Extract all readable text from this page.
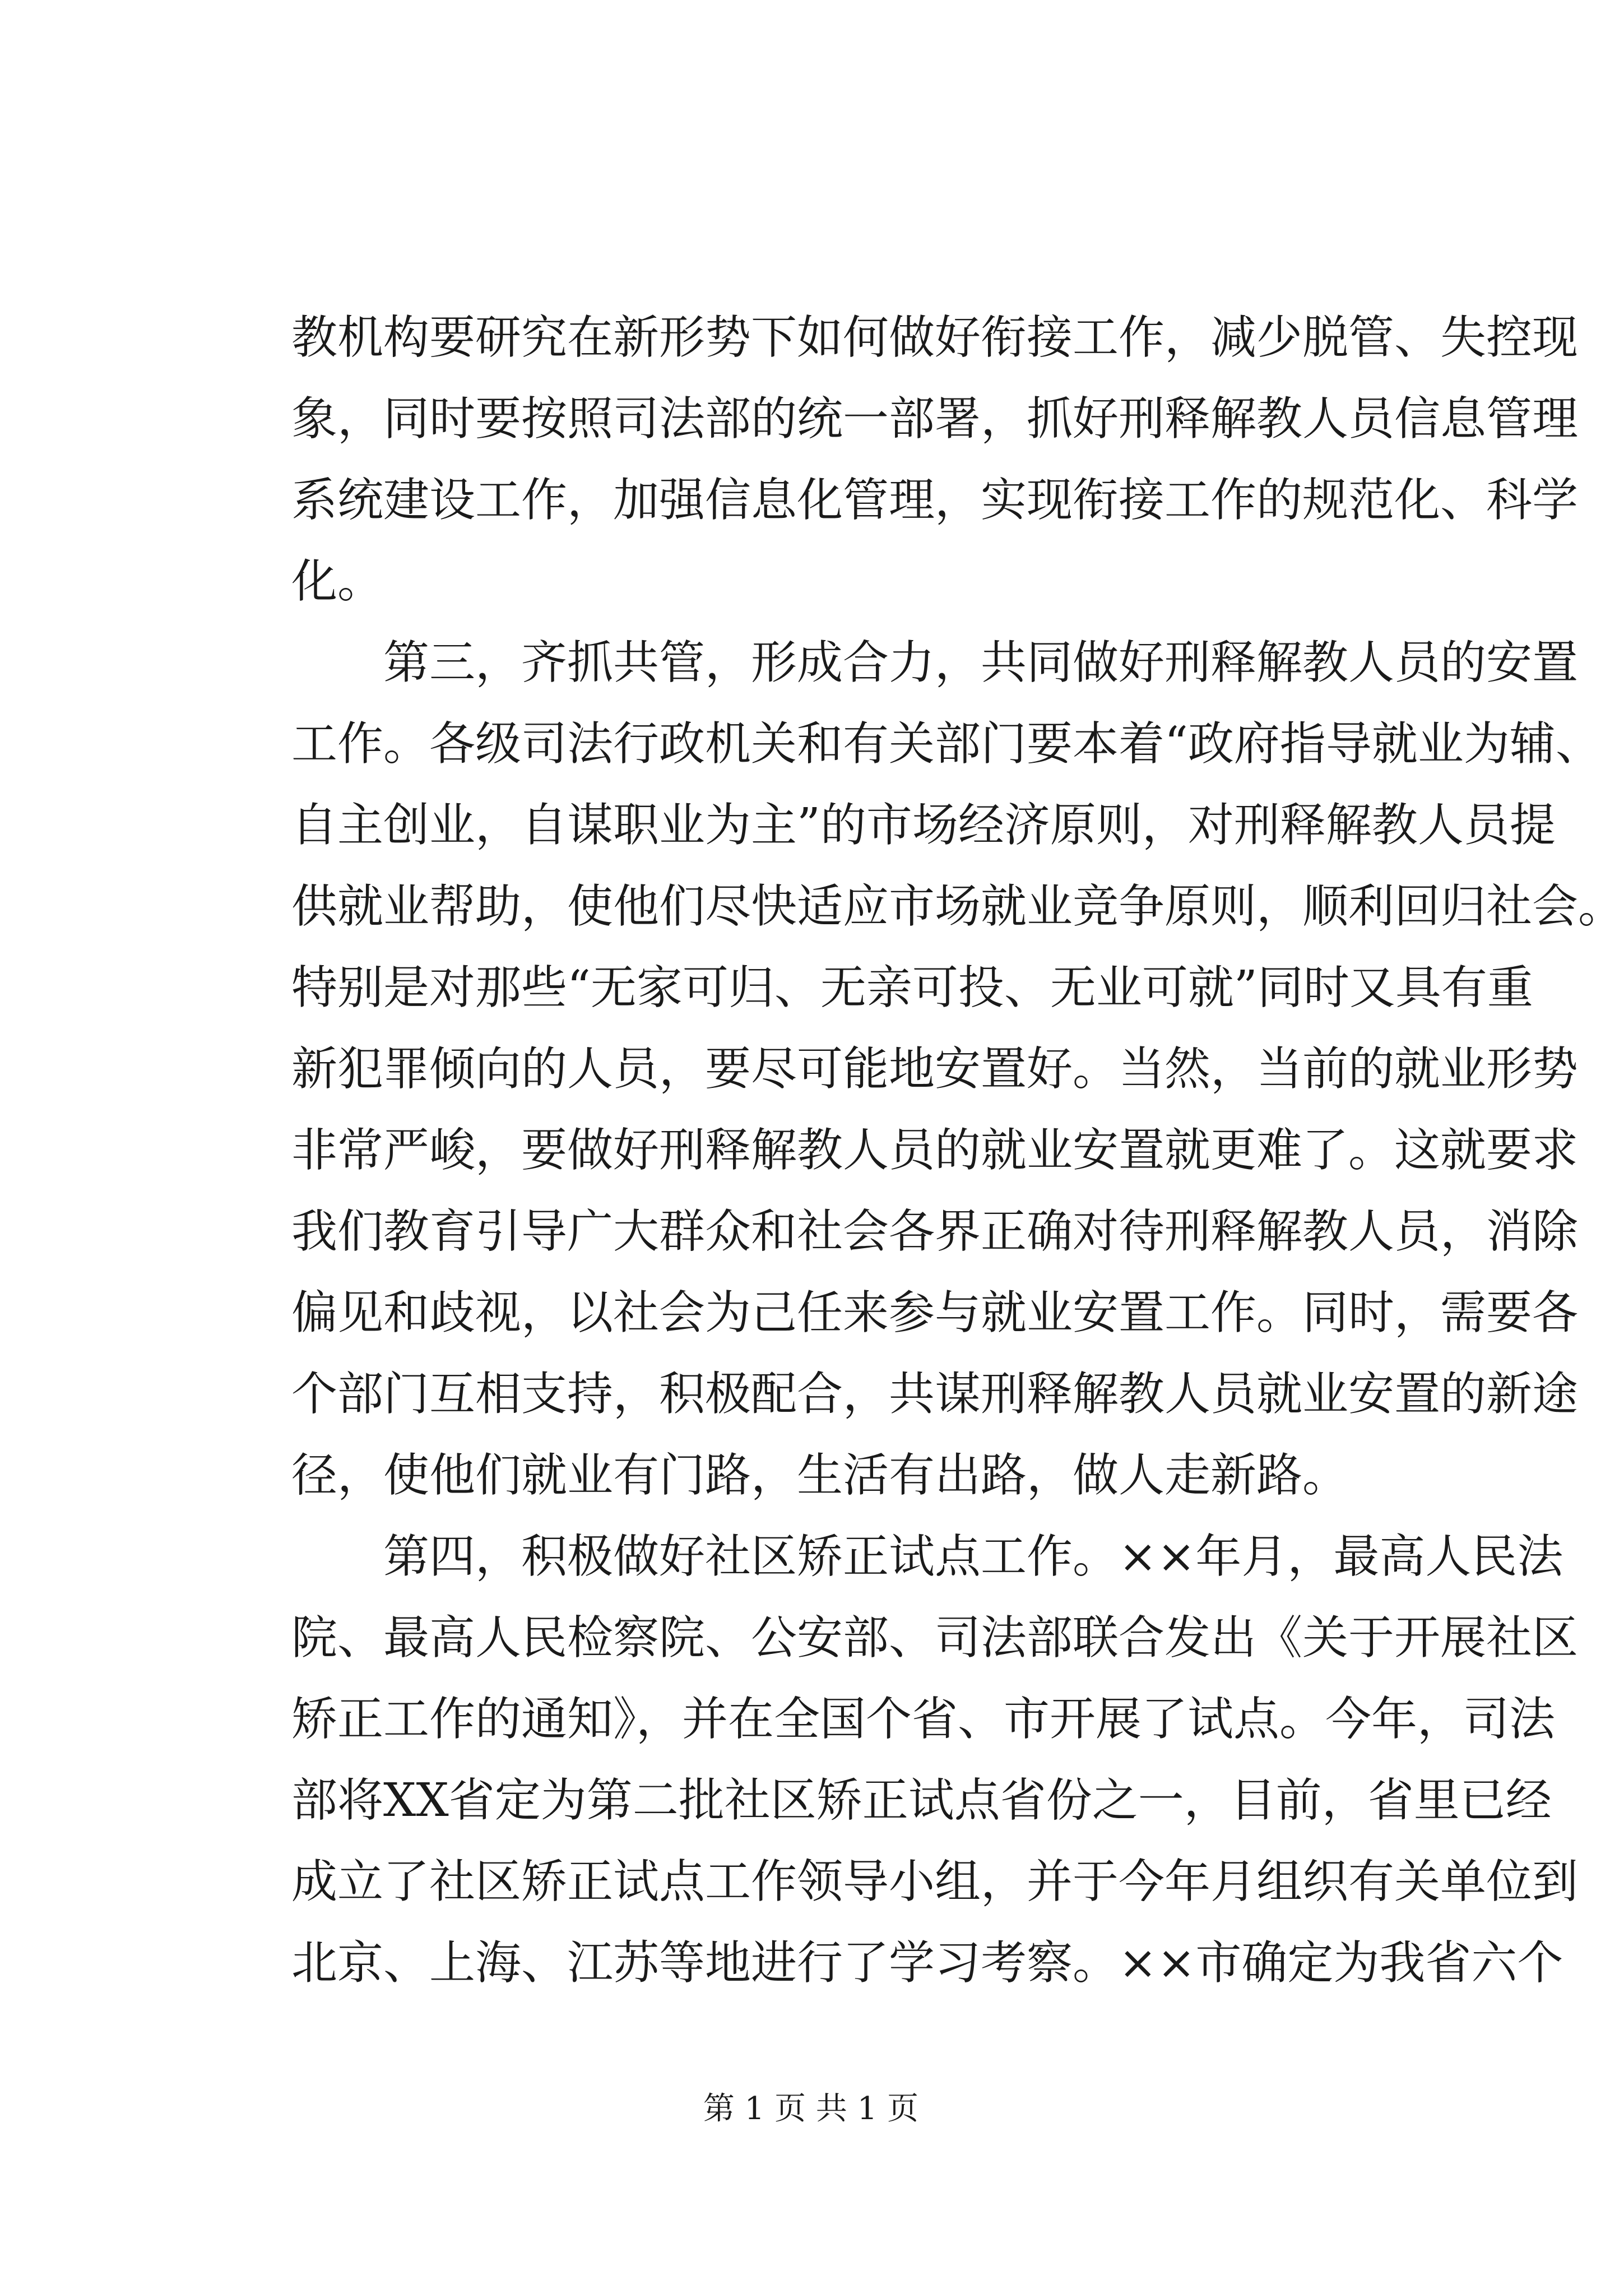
教机构要研究在新形势下如何做好衔接工作，减少脱管、失控现
象，同时要按照司法部的统一部署，抓好刑释解教人员信息管理
系统建设工作，加强信息化管理，实现衔接工作的规范化、科学
化。
第三，齐抓共管，形成合力，共同做好刑释解教人员的安置
工作。各级司法行政机关和有关部门要本着“政府指导就业为辅、
自主创业，自谋职业为主”的市场经济原则，对刑释解教人员提
供就业帮助，使他们尽快适应市场就业竞争原则，顺利回归社会。
特别是对那些“无家可归、无亲可投、无业可就”同时又具有重
新犯罪倾向的人员，要尽可能地安置好。当然，当前的就业形势
非常严峻，要做好刑释解教人员的就业安置就更难了。这就要求
我们教育引导广大群众和社会各界正确对待刑释解教人员，消除
偏见和歧视，以社会为己任来参与就业安置工作。同时，需要各
个部门互相支持，积极配合，共谋刑释解教人员就业安置的新途
径，使他们就业有门路，生活有出路，做人走新路。
第四，积极做好社区矫正试点工作。××年月，最高人民法
院、最高人民检察院、公安部、司法部联合发出《关于开展社区
矫正工作的通知》，并在全国个省、市开展了试点。今年，司法
部将XX省定为第二批社区矫正试点省份之一，目前，省里已经
成立了社区矫正试点工作领导小组，并于今年月组织有关单位到
北京、上海、江苏等地进行了学习考察。××市确定为我省六个
第 1 页 共 1 页
